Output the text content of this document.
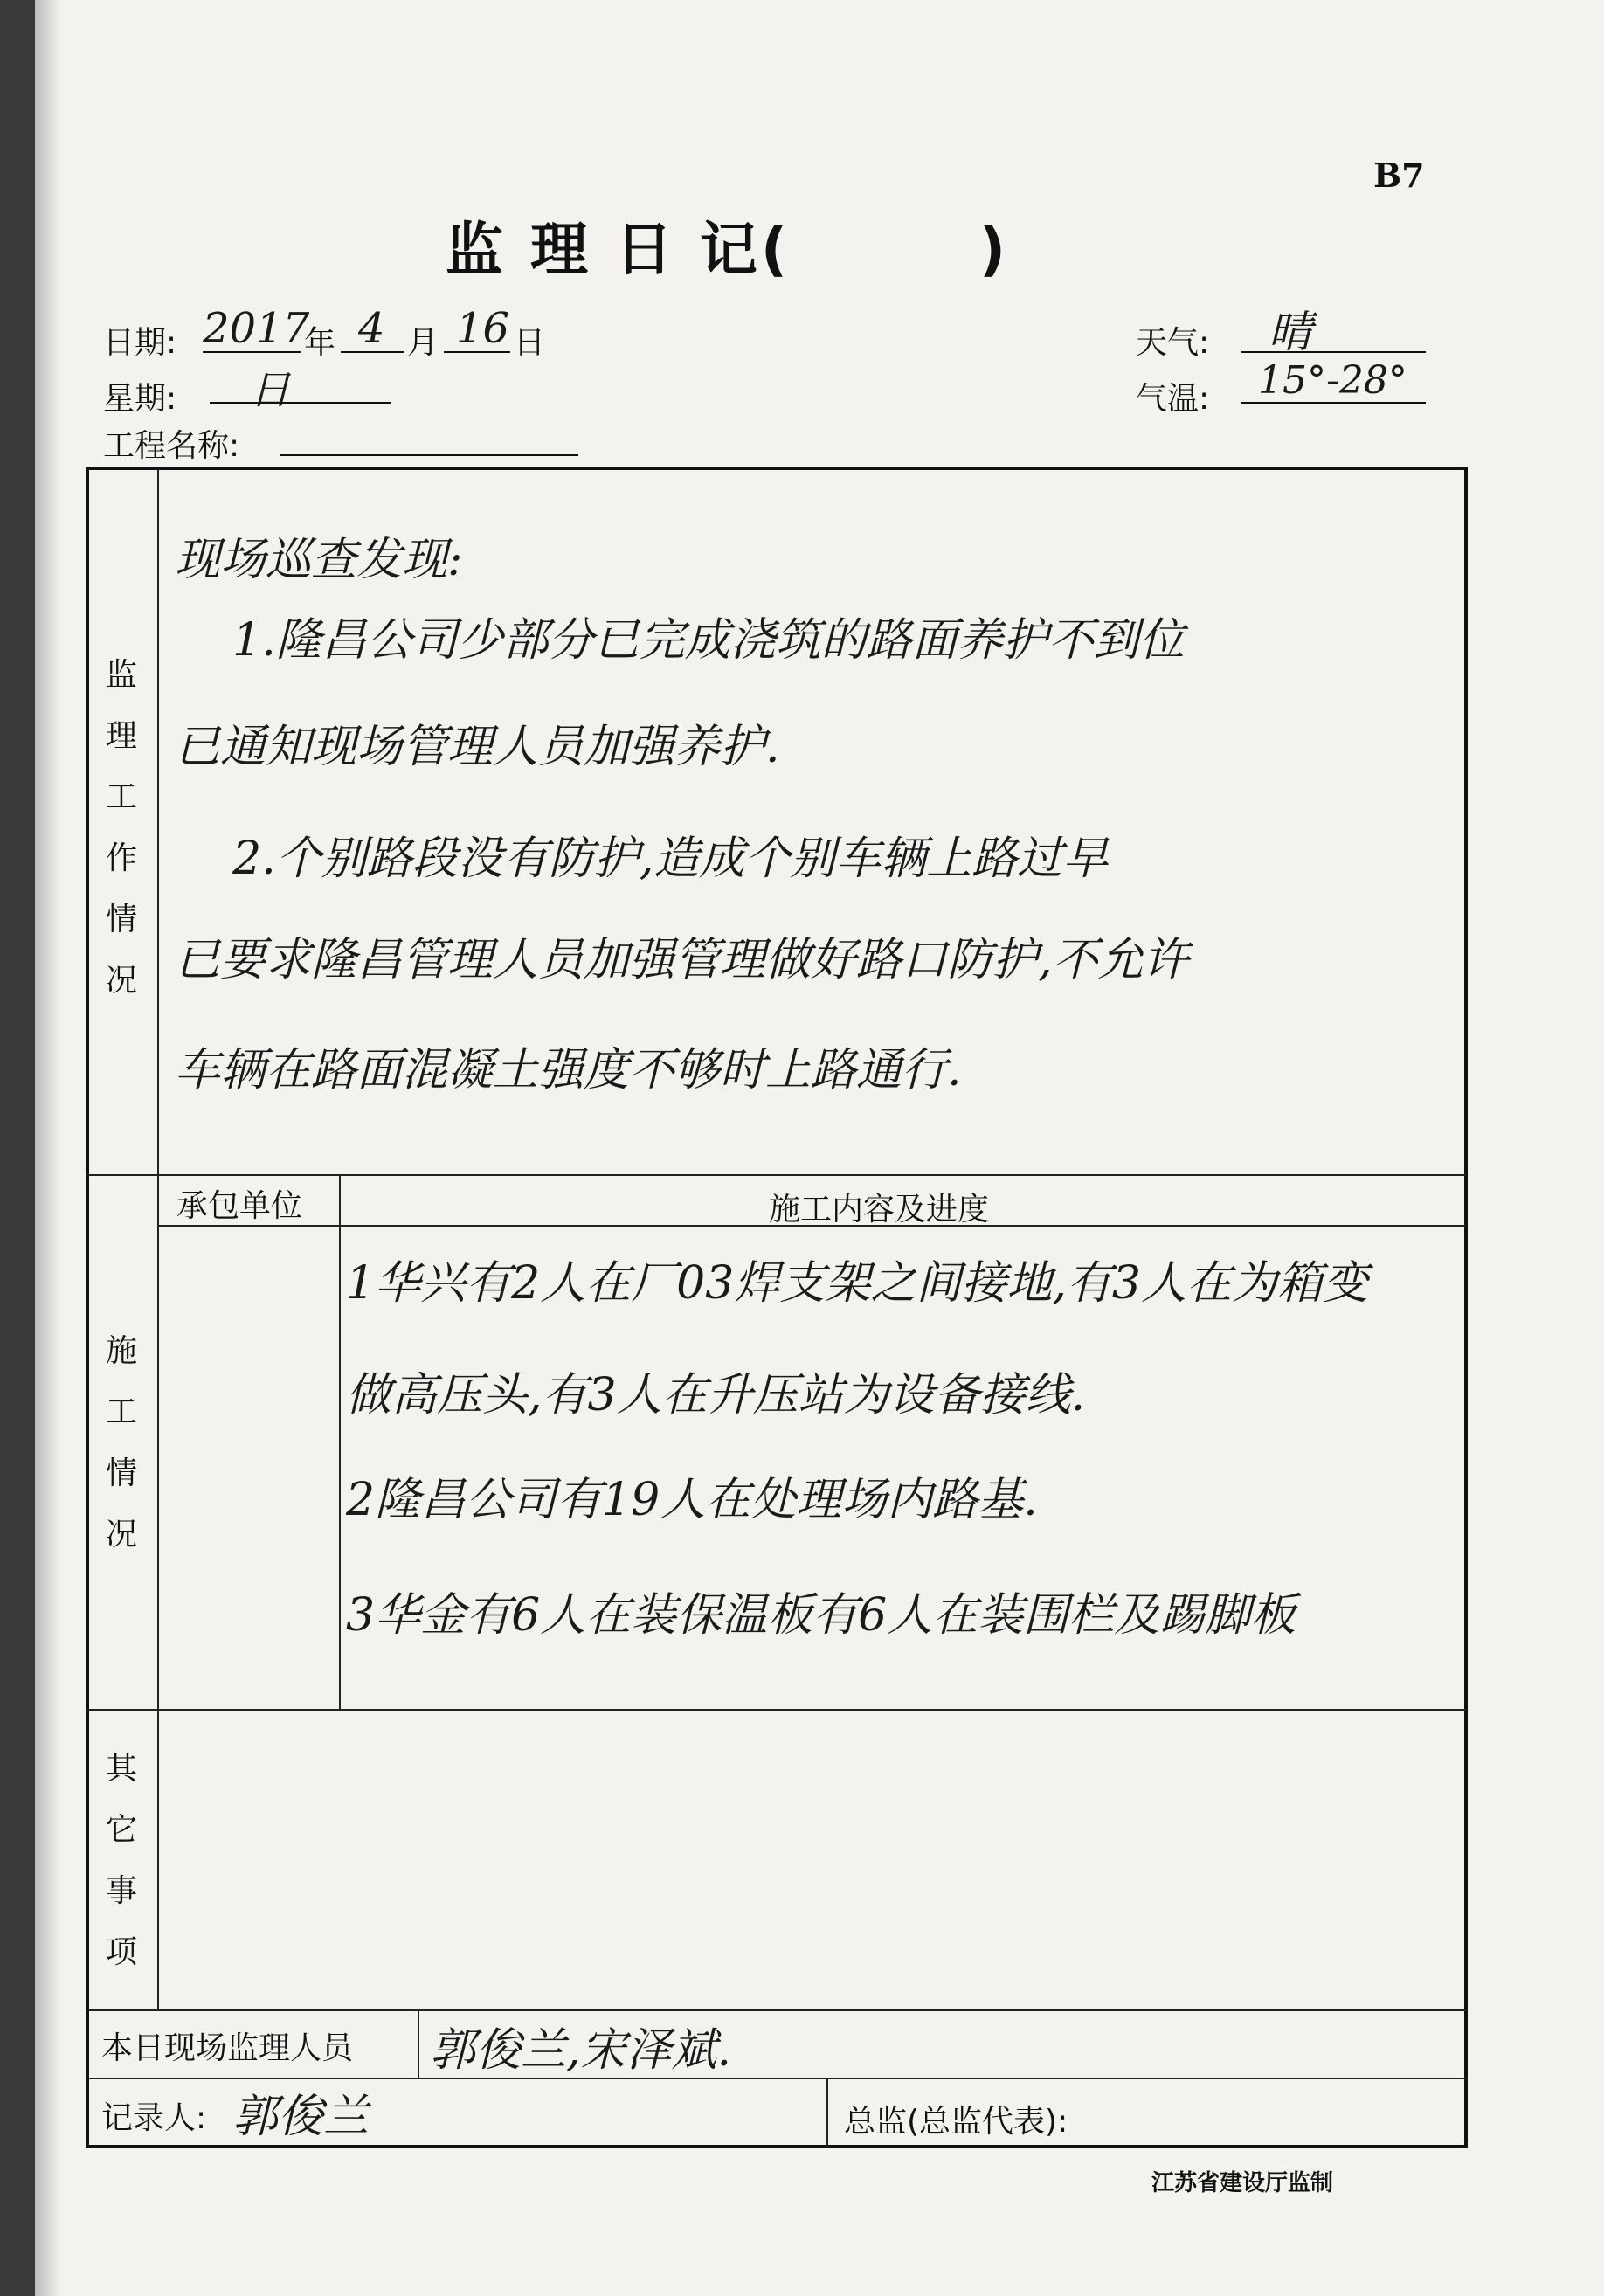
B7
监 理 日 记(        )
日期: 2017
年 4 月 16 日
星期: 日
工程名称:
天气: 晴
气温: 15°-28°
监
理
工
作
情
况
现场巡查发现:
1.隆昌公司少部分已完成浇筑的路面养护不到位
已通知现场管理人员加强养护.
2.个别路段没有防护,造成个别车辆上路过早
已要求隆昌管理人员加强管理做好路口防护,不允许
车辆在路面混凝土强度不够时上路通行.
施
工
情
况
承包单位	施工内容及进度
1华兴有2人在厂03焊支架之间接地,有3人在为箱变
做高压头,有3人在升压站为设备接线.
2隆昌公司有19人在处理场内路基.
3华金有6人在装保温板有6人在装围栏及踢脚板
其
它
事
项
本日现场监理人员 郭俊兰,宋泽斌.
记录人: 郭俊兰	总监(总监代表):
江苏省建设厅监制
